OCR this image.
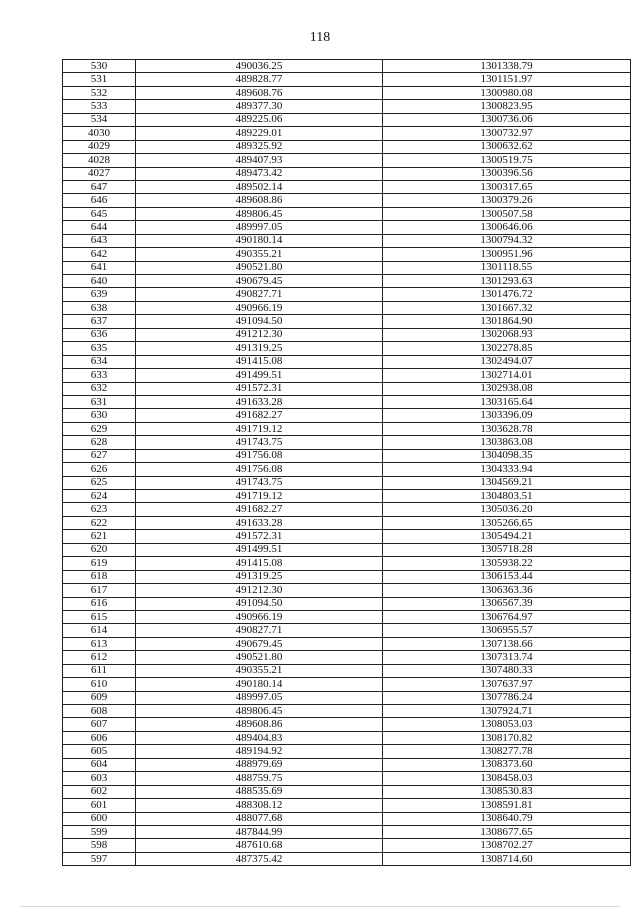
118
530	490036.25	1301338.79
531	489828.77	1301151.97
532	489608.76	1300980.08
533	489377.30	1300823.95
534	489225.06	1300736.06
4030	489229.01	1300732.97
4029	489325.92	1300632.62
4028	489407.93	1300519.75
4027	489473.42	1300396.56
647	489502.14	1300317.65
646	489608.86	1300379.26
645	489806.45	1300507.58
644	489997.05	1300646.06
643	490180.14	1300794.32
642	490355.21	1300951.96
641	490521.80	1301118.55
640	490679.45	1301293.63
639	490827.71	1301476.72
638	490966.19	1301667.32
637	491094.50	1301864.90
636	491212.30	1302068.93
635	491319.25	1302278.85
634	491415.08	1302494.07
633	491499.51	1302714.01
632	491572.31	1302938.08
631	491633.28	1303165.64
630	491682.27	1303396.09
629	491719.12	1303628.78
628	491743.75	1303863.08
627	491756.08	1304098.35
626	491756.08	1304333.94
625	491743.75	1304569.21
624	491719.12	1304803.51
623	491682.27	1305036.20
622	491633.28	1305266.65
621	491572.31	1305494.21
620	491499.51	1305718.28
619	491415.08	1305938.22
618	491319.25	1306153.44
617	491212.30	1306363.36
616	491094.50	1306567.39
615	490966.19	1306764.97
614	490827.71	1306955.57
613	490679.45	1307138.66
612	490521.80	1307313.74
611	490355.21	1307480.33
610	490180.14	1307637.97
609	489997.05	1307786.24
608	489806.45	1307924.71
607	489608.86	1308053.03
606	489404.83	1308170.82
605	489194.92	1308277.78
604	488979.69	1308373.60
603	488759.75	1308458.03
602	488535.69	1308530.83
601	488308.12	1308591.81
600	488077.68	1308640.79
599	487844.99	1308677.65
598	487610.68	1308702.27
597	487375.42	1308714.60
